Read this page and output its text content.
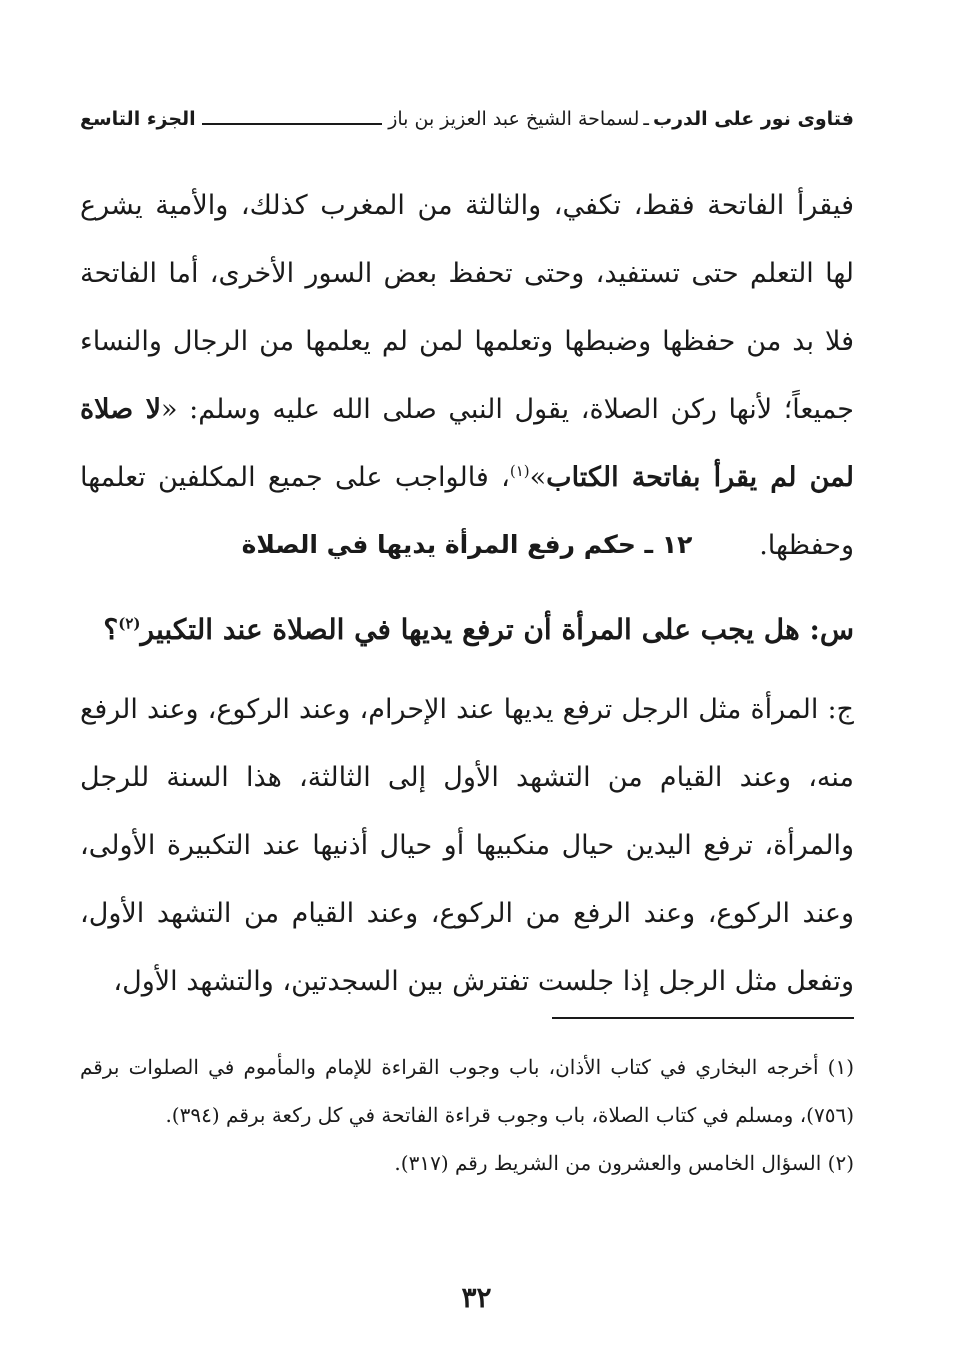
فتاوى نور على الدرب
ـ
لسماحة الشيخ عبد العزيز بن باز
الجزء التاسع

فيقرأ الفاتحة فقط، تكفي، والثالثة من المغرب كذلك، والأمية يشرع لها التعلم حتى تستفيد، وحتى تحفظ بعض السور الأخرى، أما الفاتحة فلا بد من حفظها وضبطها وتعلمها لمن لم يعلمها من الرجال والنساء جميعاً؛ لأنها ركن الصلاة، يقول النبي صلى الله عليه وسلم: «لا صلاة لمن لم يقرأ بفاتحة الكتاب»$^{(١)}$، فالواجب على جميع المكلفين تعلمها وحفظها.

١٢ ـ حكم رفع المرأة يديها في الصلاة

س: هل يجب على المرأة أن ترفع يديها في الصلاة عند التكبير$^{(٢)}$؟

ج: المرأة مثل الرجل ترفع يديها عند الإحرام، وعند الركوع، وعند الرفع منه، وعند القيام من التشهد الأول إلى الثالثة، هذا السنة للرجل والمرأة، ترفع اليدين حيال منكبيها أو حيال أذنيها عند التكبيرة الأولى، وعند الركوع، وعند الرفع من الركوع، وعند القيام من التشهد الأول، وتفعل مثل الرجل إذا جلست تفترش بين السجدتين، والتشهد الأول،

(١) أخرجه البخاري في كتاب الأذان، باب وجوب القراءة للإمام والمأموم في الصلوات برقم (٧٥٦)، ومسلم في كتاب الصلاة، باب وجوب قراءة الفاتحة في كل ركعة برقم (٣٩٤).

(٢) السؤال الخامس والعشرون من الشريط رقم (٣١٧).

٣٢
